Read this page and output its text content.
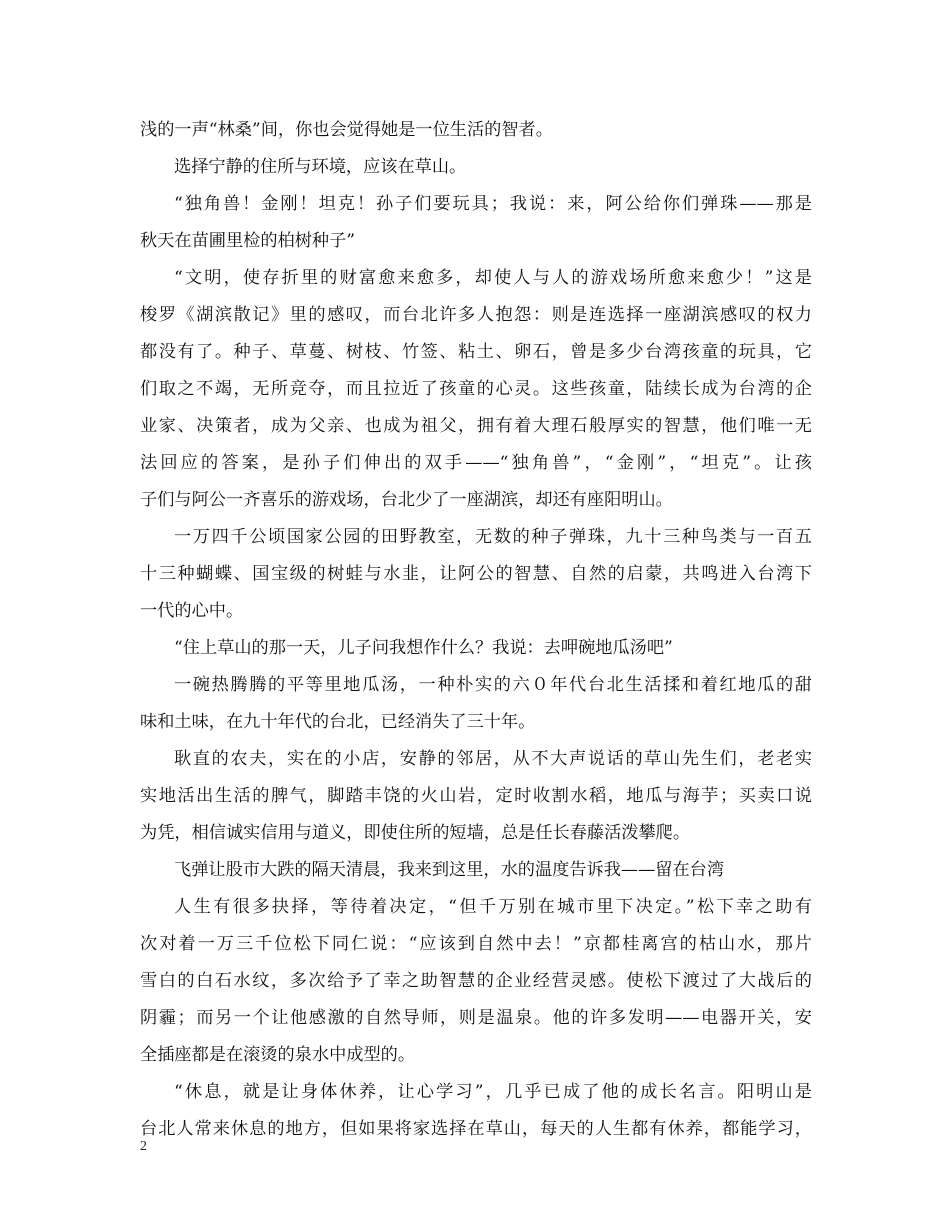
浅的一声“林桑”间，你也会觉得她是一位生活的智者。
选择宁静的住所与环境，应该在草山。
“独角兽！金刚！坦克！孙子们要玩具；我说：来，阿公给你们弹珠——那是
秋天在苗圃里检的柏树种子”
“文明，使存折里的财富愈来愈多，却使人与人的游戏场所愈来愈少！”这是
梭罗《湖滨散记》里的感叹，而台北许多人抱怨：则是连选择一座湖滨感叹的权力
都没有了。种子、草蔓、树枝、竹签、粘土、卵石，曾是多少台湾孩童的玩具，它
们取之不竭，无所竞夺，而且拉近了孩童的心灵。这些孩童，陆续长成为台湾的企
业家、决策者，成为父亲、也成为祖父，拥有着大理石般厚实的智慧，他们唯一无
法回应的答案，是孙子们伸出的双手——“独角兽”，“金刚”，“坦克”。让孩
子们与阿公一齐喜乐的游戏场，台北少了一座湖滨，却还有座阳明山。
一万四千公顷国家公园的田野教室，无数的种子弹珠，九十三种鸟类与一百五
十三种蝴蝶、国宝级的树蛙与水韭，让阿公的智慧、自然的启蒙，共鸣进入台湾下
一代的心中。
“住上草山的那一天，儿子问我想作什么？我说：去呷碗地瓜汤吧”
一碗热腾腾的平等里地瓜汤，一种朴实的六０年代台北生活揉和着红地瓜的甜
味和土味，在九十年代的台北，已经消失了三十年。
耿直的农夫，实在的小店，安静的邻居，从不大声说话的草山先生们，老老实
实地活出生活的脾气，脚踏丰饶的火山岩，定时收割水稻，地瓜与海芋；买卖口说
为凭，相信诚实信用与道义，即使住所的短墙，总是任长春藤活泼攀爬。
飞弹让股市大跌的隔天清晨，我来到这里，水的温度告诉我——留在台湾
人生有很多抉择，等待着决定，“但千万别在城市里下决定。”松下幸之助有
次对着一万三千位松下同仁说：“应该到自然中去！”京都桂离宫的枯山水，那片
雪白的白石水纹，多次给予了幸之助智慧的企业经营灵感。使松下渡过了大战后的
阴霾；而另一个让他感激的自然导师，则是温泉。他的许多发明——电器开关，安
全插座都是在滚烫的泉水中成型的。
“休息，就是让身体休养，让心学习”，几乎已成了他的成长名言。阳明山是
台北人常来休息的地方，但如果将家选择在草山，每天的人生都有休养，都能学习，
2
